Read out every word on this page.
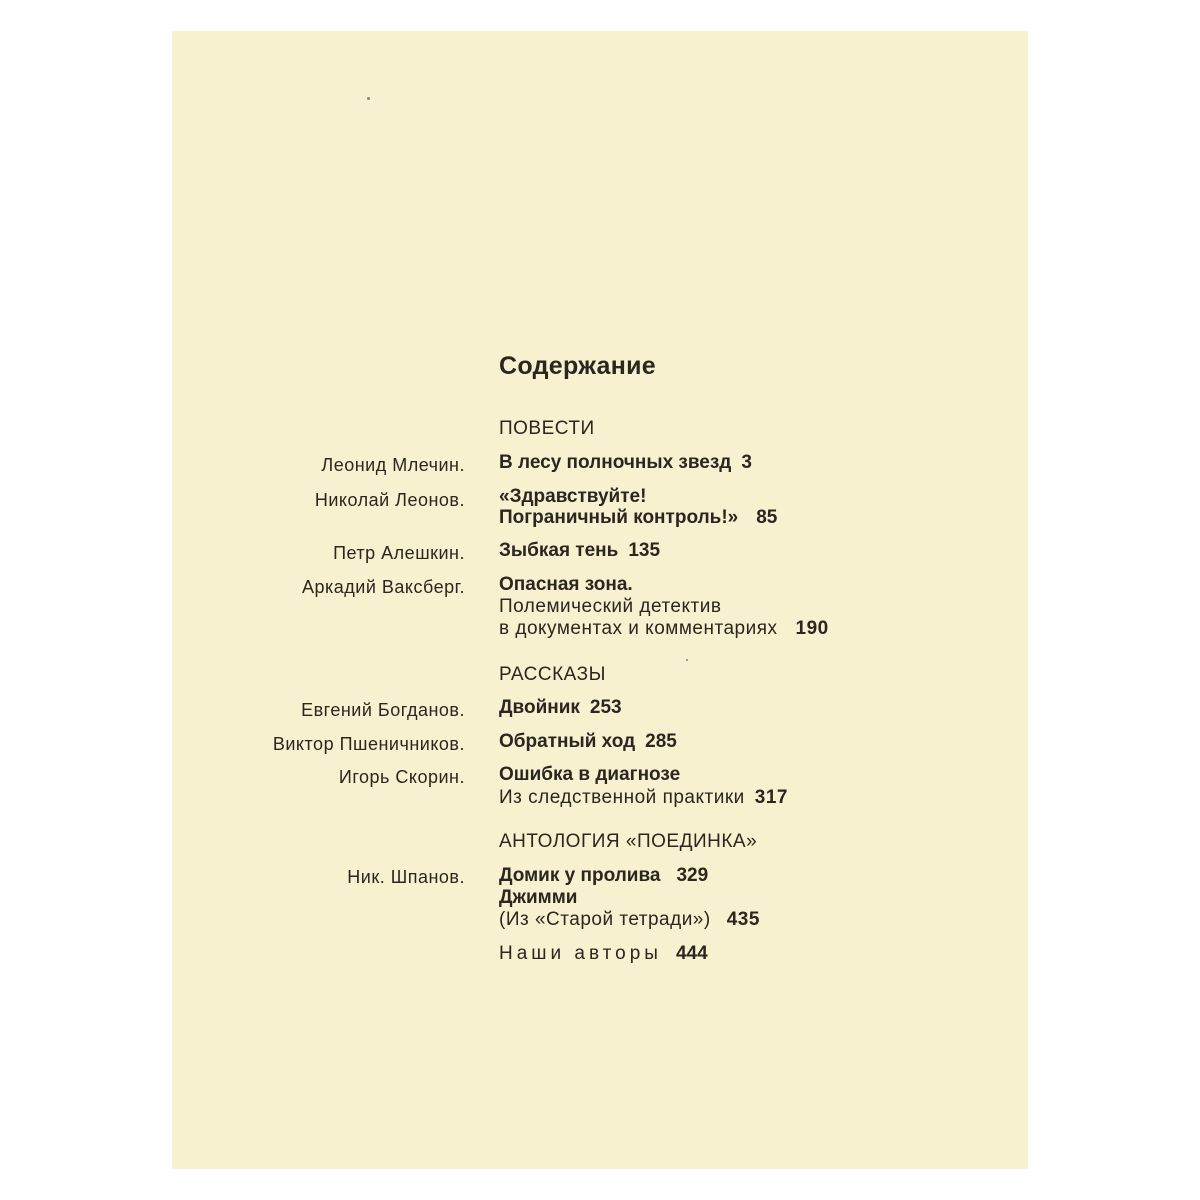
Содержание
ПОВЕСТИ
Леонид Млечин. В лесу полночных звезд 3
Николай Леонов. «Здравствуйте!
Пограничный контроль!» 85
Петр Алешкин. Зыбкая тень 135
Аркадий Ваксберг. Опасная зона.
Полемический детектив
в документах и комментариях 190
РАССКАЗЫ
Евгений Богданов. Двойник 253
Виктор Пшеничников. Обратный ход 285
Игорь Скорин. Ошибка в диагнозе
Из следственной практики 317
АНТОЛОГИЯ «ПОЕДИНКА»
Ник. Шпанов. Домик у пролива 329
Джимми
(Из «Старой тетради») 435
Наши авторы 444
